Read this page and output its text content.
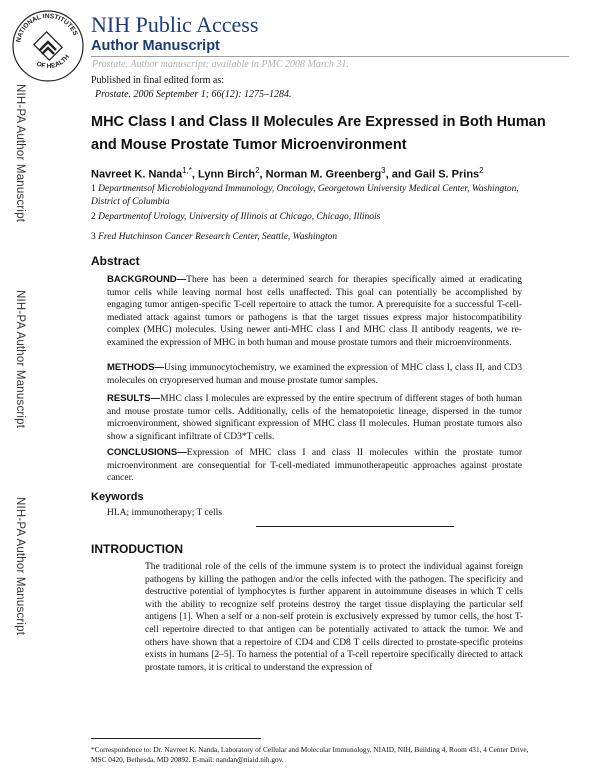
NATIONAL INSTITUTES
OF HEALTH
NIH Public Access
Author Manuscript
Prostate. Author manuscript; available in PMC 2008 March 31.
NIH-PA Author Manuscript
NIH-PA Author Manuscript
NIH-PA Author Manuscript
Published in final edited form as:
Prostate. 2006 September 1; 66(12): 1275–1284.
MHC Class I and Class II Molecules Are Expressed in Both Human and Mouse Prostate Tumor Microenvironment
Navreet K. Nanda$^{1,*}$, Lynn Birch$^2$, Norman M. Greenberg$^3$, and Gail S. Prins$^2$
1 Departmentsof Microbiologyand Immunology, Oncology, Georgetown University Medical Center, Washington, District of Columbia
2 Departmentof Urology, University of Illinois at Chicago, Chicago, Illinois
3 Fred Hutchinson Cancer Research Center, Seattle, Washington
Abstract
BACKGROUND—There has been a determined search for therapies specifically aimed at eradicating tumor cells while leaving normal host cells unaffected. This goal can potentially be accomplished by engaging tumor antigen-specific T-cell repertoire to attack the tumor. A prerequisite for a successful T-cell-mediated attack against tumors or pathogens is that the target tissues express major histocompatibility complex (MHC) molecules. Using newer anti-MHC class I and MHC class II antibody reagents, we re-examined the expression of MHC in both human and mouse prostate tumors and their microenvironments.
METHODS—Using immunocytochemistry, we examined the expression of MHC class I, class II, and CD3 molecules on cryopreserved human and mouse prostate tumor samples.
RESULTS—MHC class I molecules are expressed by the entire spectrum of different stages of both human and mouse prostate tumor cells. Additionally, cells of the hematopoietic lineage, dispersed in the tumor microenvironment, showed significant expression of MHC class II molecules. Human prostate tumors also show a significant infiltrate of CD3*T cells.
CONCLUSIONS—Expression of MHC class I and class II molecules within the prostate tumor microenvironment are consequential for T-cell-mediated immunotherapeutic approaches against prostate cancer.
Keywords
HLA; immunotherapy; T cells
INTRODUCTION
The traditional role of the cells of the immune system is to protect the individual against foreign pathogens by killing the pathogen and/or the cells infected with the pathogen. The specificity and destructive potential of lymphocytes is further apparent in autoimmune diseases in which T cells with the ability to recognize self proteins destroy the target tissue displaying the particular self antigens [1]. When a self or a non-self protein is exclusively expressed by tumor cells, the host T-cell repertoire directed to that antigen can be potentially activated to attack the tumor. We and others have shown that a repertoire of CD4 and CD8 T cells directed to prostate-specific proteins exists in humans [2–5]. To harness the potential of a T-cell repertoire specifically directed to attack prostate tumors, it is critical to understand the expression of
*Correspondence to: Dr. Navreet K. Nanda, Laboratory of Cellular and Molecular Immunology, NIAID, NIH, Building 4, Room 431, 4 Center Drive, MSC 0420, Bethesda, MD 20892. E-mail: nandan@niaid.nih.gov.
